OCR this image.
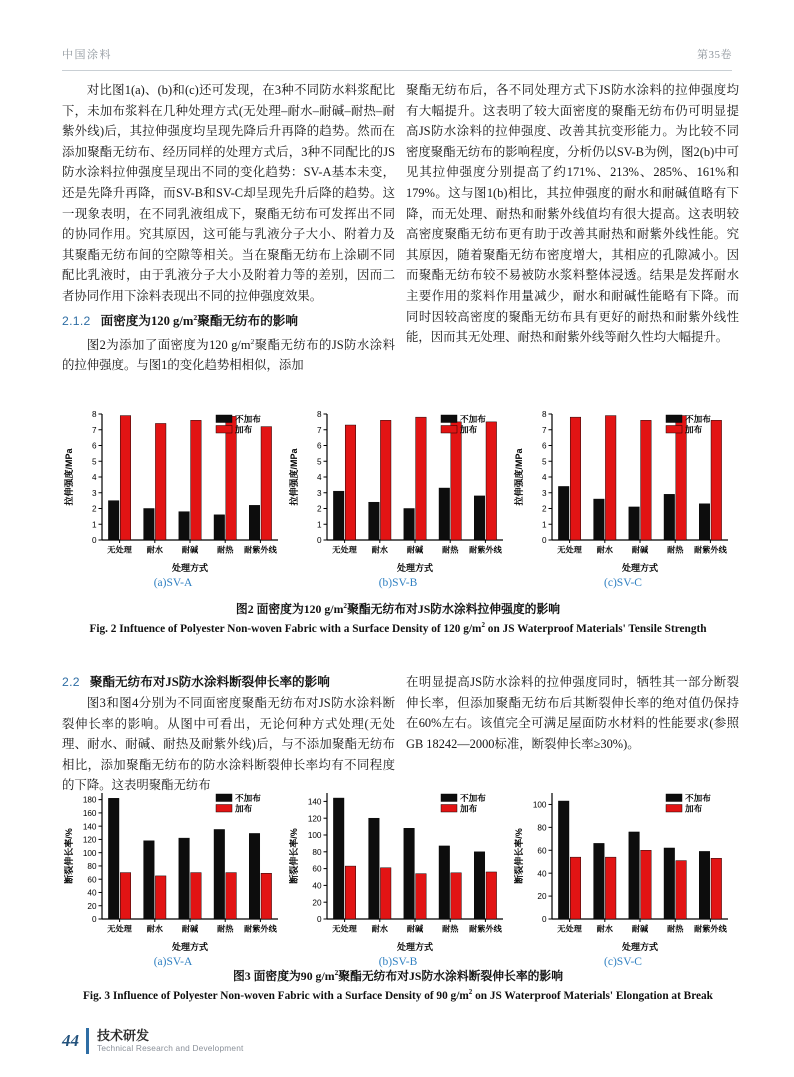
中国涂料	第35卷

对比图1(a)、(b)和(c)还可发现，在3种不同防水料浆配比下，未加布浆料在几种处理方式(无处理–耐水–耐碱–耐热–耐紫外线)后，其拉伸强度均呈现先降后升再降的趋势。然而在添加聚酯无纺布、经历同样的处理方式后，3种不同配比的JS防水涂料拉伸强度呈现出不同的变化趋势：SV-A基本未变，还是先降升再降，而SV-B和SV-C却呈现先升后降的趋势。这一现象表明，在不同乳液组成下，聚酯无纺布可发挥出不同的协同作用。究其原因，这可能与乳液分子大小、附着力及其聚酯无纺布间的空隙等相关。当在聚酯无纺布上涂刷不同配比乳液时，由于乳液分子大小及附着力等的差别，因而二者协同作用下涂料表现出不同的拉伸强度效果。

2.1.2 面密度为120 $g/m^2$聚酯无纺布的影响

图2为添加了面密度为120 $g/m^2$聚酯无纺布的JS防水涂料的拉伸强度。与图1的变化趋势相相似，添加

聚酯无纺布后，各不同处理方式下JS防水涂料的拉伸强度均有大幅提升。这表明了较大面密度的聚酯无纺布仍可明显提高JS防水涂料的拉伸强度、改善其抗变形能力。为比较不同密度聚酯无纺布的影响程度，分析仍以SV-B为例，图2(b)中可见其拉伸强度分别提高了约171%、213%、285%、161%和179%。这与图1(b)相比，其拉伸强度的耐水和耐碱值略有下降，而无处理、耐热和耐紫外线值均有很大提高。这表明较高密度聚酯无纺布更有助于改善其耐热和耐紫外线性能。究其原因，随着聚酯无纺布密度增大，其相应的孔隙减小。因而聚酯无纺布较不易被防水浆料整体浸透。结果是发挥耐水主要作用的浆料作用量减少，耐水和耐碱性能略有下降。而同时因较高密度的聚酯无纺布具有更好的耐热和耐紫外线性能，因而其无处理、耐热和耐紫外线等耐久性均大幅提升。

0
1
2
3
4
5
6
7
8
无处理 耐水 耐碱 耐热 耐紫外线
处理方式
拉伸强度/MPa
不加布
加布
(a)SV-A
0
1
2
3
4
5
6
7
8
无处理 耐水 耐碱 耐热 耐紫外线
处理方式
拉伸强度/MPa
不加布
加布
(b)SV-B
0
1
2
3
4
5
6
7
8
无处理 耐水 耐碱 耐热 耐紫外线
处理方式
拉伸强度/MPa
不加布
加布
(c)SV-C
图2 面密度为120 $g/m^2$聚酯无纺布对JS防水涂料拉伸强度的影响
Fig. 2 Inftuence of Polyester Non-woven Fabric with a Surface Density of 120 $g/m^2$ on JS Waterproof Materials' Tensile Strength

2.2 聚酯无纺布对JS防水涂料断裂伸长率的影响

图3和图4分别为不同面密度聚酯无纺布对JS防水涂料断裂伸长率的影响。从图中可看出，无论何种方式处理(无处理、耐水、耐碱、耐热及耐紫外线)后，与不添加聚酯无纺布相比，添加聚酯无纺布的防水涂料断裂伸长率均有不同程度的下降。这表明聚酯无纺布

在明显提高JS防水涂料的拉伸强度同时，牺牲其一部分断裂伸长率，但添加聚酯无纺布后其断裂伸长率的绝对值仍保持在60%左右。该值完全可满足屋面防水材料的性能要求(参照GB 18242—2000标准，断裂伸长率≥30%)。

0
20
40
60
80
100
120
140
160
180
无处理 耐水 耐碱 耐热 耐紫外线
处理方式
断裂伸长率/%
不加布
加布
(a)SV-A
0
20
40
60
80
100
120
140
无处理 耐水 耐碱 耐热 耐紫外线
处理方式
断裂伸长率/%
不加布
加布
(b)SV-B
0
20
40
60
80
100
无处理 耐水 耐碱 耐热 耐紫外线
处理方式
断裂伸长率/%
不加布
加布
(c)SV-C
图3 面密度为90 $g/m^2$聚酯无纺布对JS防水涂料断裂伸长率的影响
Fig. 3 Influence of Polyester Non-woven Fabric with a Surface Density of 90 $g/m^2$ on JS Waterproof Materials' Elongation at Break
44	技术研发
Technical Research and Development
